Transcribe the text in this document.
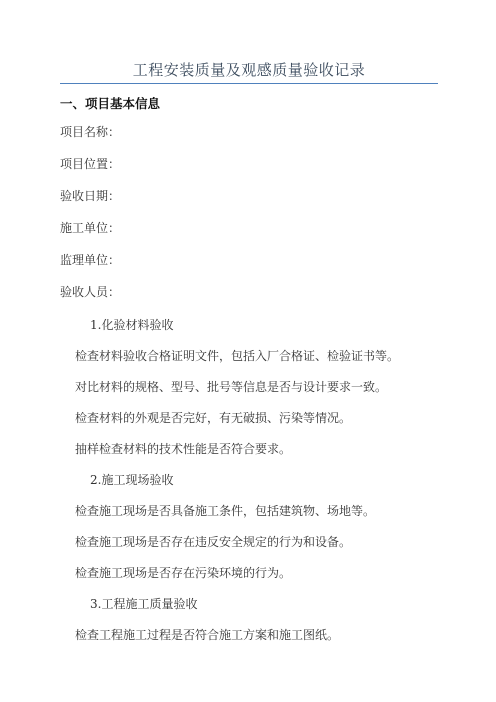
工程安装质量及观感质量验收记录
一、项目基本信息
项目名称：
项目位置：
验收日期：
施工单位：
监理单位：
验收人员：
1.化验材料验收
检查材料验收合格证明文件，包括入厂合格证、检验证书等。
对比材料的规格、型号、批号等信息是否与设计要求一致。
检查材料的外观是否完好，有无破损、污染等情况。
抽样检查材料的技术性能是否符合要求。
2.施工现场验收
检查施工现场是否具备施工条件，包括建筑物、场地等。
检查施工现场是否存在违反安全规定的行为和设备。
检查施工现场是否存在污染环境的行为。
3.工程施工质量验收
检查工程施工过程是否符合施工方案和施工图纸。
